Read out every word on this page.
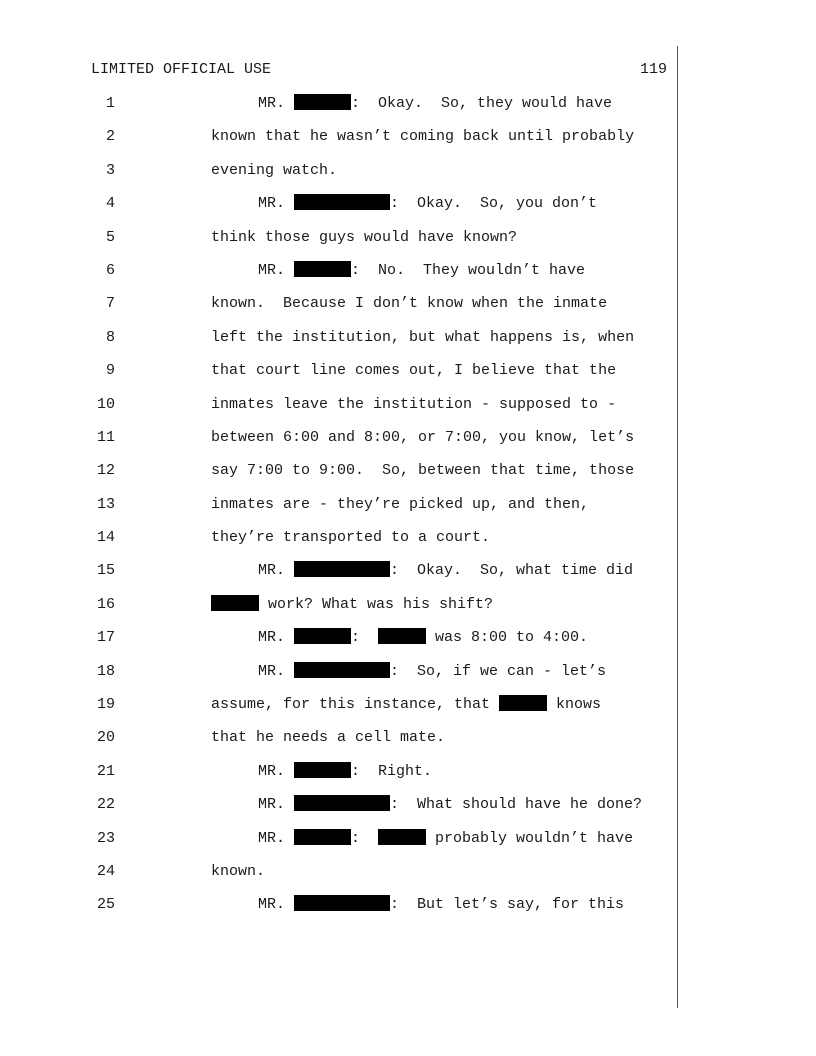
LIMITED OFFICIAL USE	119
1	MR.	:  Okay.  So, they would have
2	known that he wasn’t coming back until probably
3	evening watch.
4	MR.	:  Okay.  So, you don’t
5	think those guys would have known?
6	MR.	:  No.  They wouldn’t have
7	known.  Because I don’t know when the inmate
8	left the institution, but what happens is, when
9	that court line comes out, I believe that the
10	inmates leave the institution - supposed to -
11	between 6:00 and 8:00, or 7:00, you know, let’s
12	say 7:00 to 9:00.  So, between that time, those
13	inmates are - they’re picked up, and then,
14	they’re transported to a court.
15	MR.	:  Okay.  So, what time did
16	work? What was his shift?
17	MR.	:	was 8:00 to 4:00.
18	MR.	:  So, if we can - let’s
19	assume, for this instance, that	knows
20	that he needs a cell mate.
21	MR.	:  Right.
22	MR.	:  What should have he done?
23	MR.	:	probably wouldn’t have
24	known.
25	MR.	:  But let’s say, for this
